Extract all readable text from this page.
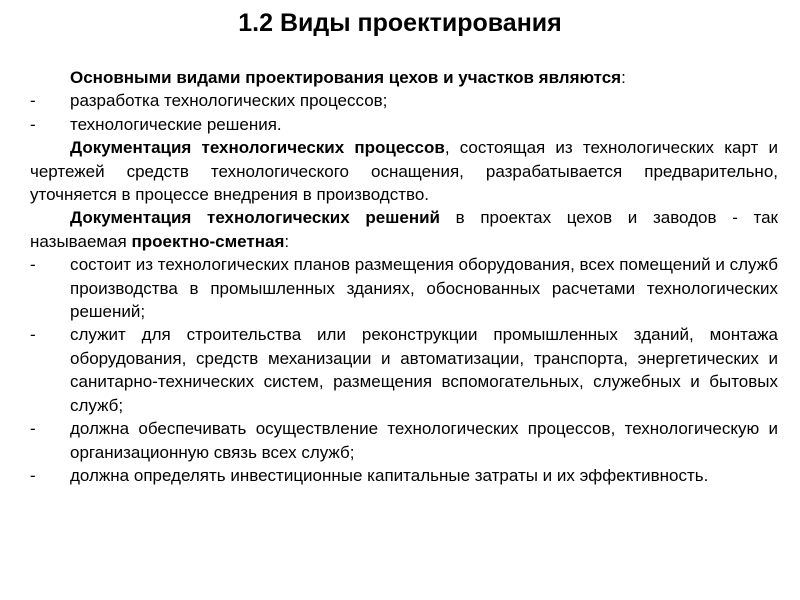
1.2 Виды проектирования

Основными видами проектирования цехов и участков являются:

-	разработка технологических процессов;

-	технологические решения.

Документация технологических процессов, состоящая из технологических карт и чертежей средств технологического оснащения, разрабатывается предварительно, уточняется в процессе внедрения в производство.

Документация технологических решений в проектах цехов и заводов - так называемая проектно-сметная:

-	состоит из технологических планов размещения оборудования, всех помещений и служб производства в промышленных зданиях, обоснованных расчетами технологических решений;

-	служит для строительства или реконструкции промышленных зданий, монтажа оборудования, средств механизации и автоматизации, транспорта, энергетических и санитарно-технических систем, размещения вспомогательных, служебных и бытовых служб;

-	должна обеспечивать осуществление технологических процессов, технологическую и организационную связь всех служб;

-	должна определять инвестиционные капитальные затраты и их эффективность.
